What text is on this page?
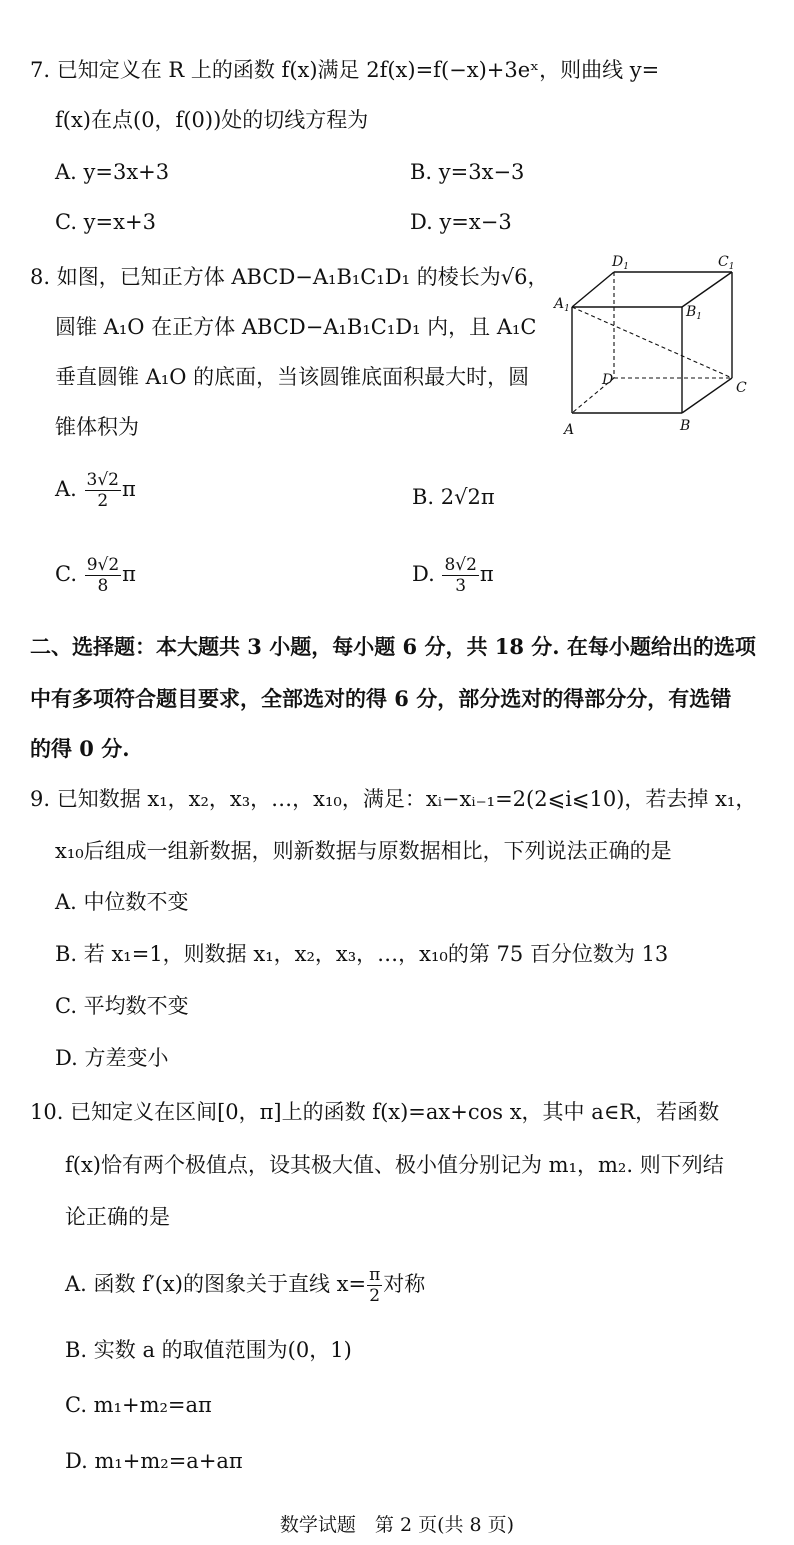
7. 已知定义在 R 上的函数 f(x)满足 2f(x)=f(−x)+3eˣ，则曲线 y=
f(x)在点(0，f(0))处的切线方程为
A. y=3x+3	B. y=3x−3
C. y=x+3	D. y=x−3
8. 如图，已知正方体 ABCD−A₁B₁C₁D₁ 的棱长为√6，
圆锥 A₁O 在正方体 ABCD−A₁B₁C₁D₁ 内，且 A₁C
垂直圆锥 A₁O 的底面，当该圆锥底面积最大时，圆
锥体积为
$D_1$	$C_1$
$A_1$	$B_1$
D	C
A	B
A. $\frac{3√2}{2}$ π	B. 2√2π
C. $\frac{9√2}{8}$ π	D. $\frac{8√2}{3}$ π
二、选择题：本大题共 3 小题，每小题 6 分，共 18 分. 在每小题给出的选项
中有多项符合题目要求，全部选对的得 6 分，部分选对的得部分分，有选错
的得 0 分.
9. 已知数据 x₁，x₂，x₃，…，x₁₀，满足：xᵢ−xᵢ₋₁=2(2⩽i⩽10)，若去掉 x₁，
x₁₀后组成一组新数据，则新数据与原数据相比，下列说法正确的是
A. 中位数不变
B. 若 x₁=1，则数据 x₁，x₂，x₃，…，x₁₀的第 75 百分位数为 13
C. 平均数不变
D. 方差变小
10. 已知定义在区间[0，π]上的函数 f(x)=ax+cos x，其中 a∈R，若函数
f(x)恰有两个极值点，设其极大值、极小值分别记为 m₁，m₂. 则下列结
论正确的是
A. 函数 f′(x)的图象关于直线 $x= \frac{\pi}{2}$ 对称
B. 实数 a 的取值范围为(0，1)
C. m₁+m₂=aπ
D. m₁+m₂=a+aπ
数学试题　第 2 页(共 8 页)
